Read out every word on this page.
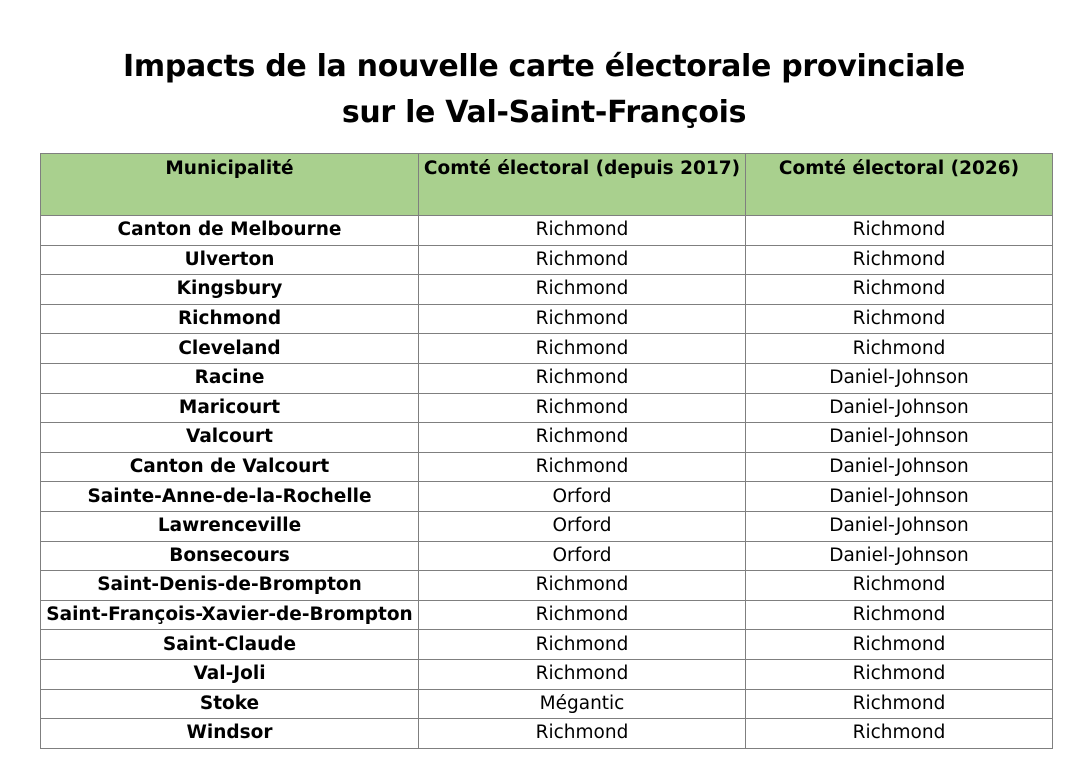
Impacts de la nouvelle carte électorale provinciale
sur le Val-Saint-François
Municipalité	Comté électoral (depuis 2017)	Comté électoral (2026)
Canton de Melbourne	Richmond	Richmond
Ulverton	Richmond	Richmond
Kingsbury	Richmond	Richmond
Richmond	Richmond	Richmond
Cleveland	Richmond	Richmond
Racine	Richmond	Daniel-Johnson
Maricourt	Richmond	Daniel-Johnson
Valcourt	Richmond	Daniel-Johnson
Canton de Valcourt	Richmond	Daniel-Johnson
Sainte-Anne-de-la-Rochelle	Orford	Daniel-Johnson
Lawrenceville	Orford	Daniel-Johnson
Bonsecours	Orford	Daniel-Johnson
Saint-Denis-de-Brompton	Richmond	Richmond
Saint-François-Xavier-de-Brompton	Richmond	Richmond
Saint-Claude	Richmond	Richmond
Val-Joli	Richmond	Richmond
Stoke	Mégantic	Richmond
Windsor	Richmond	Richmond
